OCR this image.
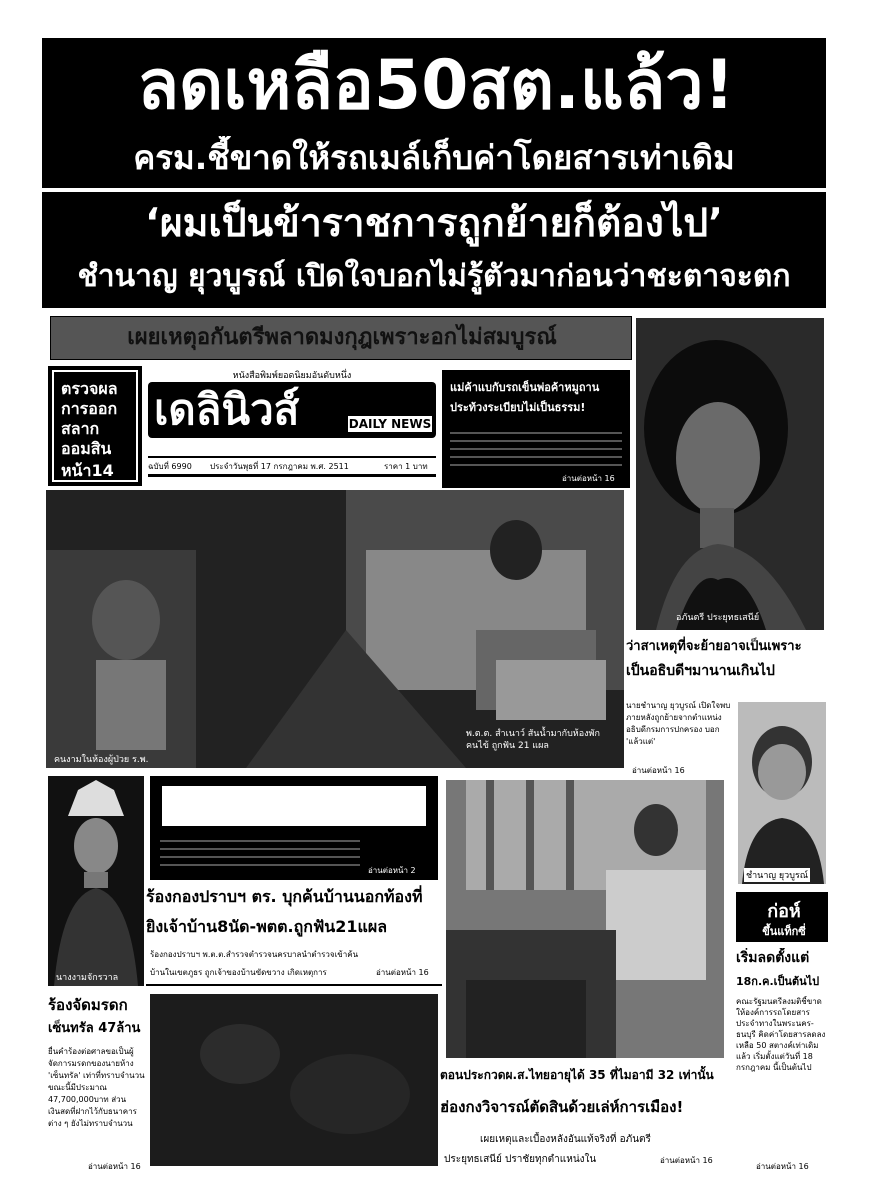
ลดเหลือ50สต.แล้ว!
ครม.ชี้ขาดให้รถเมล์เก็บค่าโดยสารเท่าเดิม
‘ผมเป็นข้าราชการถูกย้ายก็ต้องไป’
ชำนาญ ยุวบูรณ์ เปิดใจบอกไม่รู้ตัวมาก่อนว่าชะตาจะตก
เผยเหตุอกันตรีพลาดมงกุฎเพราะอกไม่สมบูรณ์
ตรวจผล
การออก
สลาก
ออมสิน
หน้า14
หนังสือพิมพ์ยอดนิยมอันดับหนึ่ง
เดลินิวส์	DAILY NEWS
ฉบับที่ 6990 ประจำวันพุธที่ 17 กรกฎาคม พ.ศ. 2511	ราคา 1 บาท
แม่ค้าแบกับรถเข็นพ่อค้าหมูถาน
ประท้วงระเบียบไม่เป็นธรรม!
อ่านต่อหน้า 16
อภันตรี ประยุทธเสนีย์
คนงามในห้องผู้ป่วย ร.พ.
พ.ต.ต. สำเนาว์ สันน้ำมากับห้องพักคนไข้ ถูกฟัน 21 แผล
ว่าสาเหตุที่จะย้ายอาจเป็นเพราะ
เป็นอธิบดีฯมานานเกินไป
นายชำนาญ ยุวบูรณ์ เปิดใจพบภายหลังถูกย้ายจากตำแหน่งอธิบดีกรมการปกครอง บอก 'แล้วแต่'
อ่านต่อหน้า 16
ชำนาญ ยุวบูรณ์
นางงามจักรวาล
แพทย์เผยเด็กเกิดใหม่แยกมีกระเพาะปัสสาวะแปลก
นับเป็นการผ่าตัดแรกตลอดรายแรกของโลก!
อ่านต่อหน้า 2
ร้องกองปราบฯ ตร. บุกค้นบ้านนอกท้องที่
ยิงเจ้าบ้าน8นัด-พตต.ถูกฟัน21แผล
ร้องกองปราบฯ พ.ต.ต.สำรวจตำรวจนครบาลนำตำรวจเข้าค้น
บ้านในเขตภูธร ถูกเจ้าของบ้านขัดขวาง เกิดเหตุการ	อ่านต่อหน้า 16
ร้องจัดมรดก
เซ็นทรัล 47ล้าน
ยื่นคำร้องต่อศาลขอเป็นผู้จัดการมรดกของนายห้าง 'เซ็นทรัล' เท่าที่ทราบจำนวนขณะนี้มีประมาณ 47,700,000บาท ส่วนเงินสดที่ฝากไว้กับธนาคารต่าง ๆ ยังไม่ทราบจำนวน
อ่านต่อหน้า 16
ตอนประกวดผ.ส.ไทยอายุได้ 35 ที่ไมอามี 32 เท่านั้น
ฮ่องกงวิจารณ์ตัดสินด้วยเล่ห์การเมือง!
เผยเหตุและเบื้องหลังอันแท้จริงที่ อภันตรี
ประยุทธเสนีย์ ปราชัยทุกตำแหน่งใน	อ่านต่อหน้า 16
ก่อห์
ขึ้นแท็กซี่
เริ่มลดตั้งแต่
18ก.ค.เป็นต้นไป
คณะรัฐมนตรีลงมติชี้ขาดให้องค์การรถโดยสารประจำทางในพระนคร-ธนบุรี คิดค่าโดยสารลดลงเหลือ 50 สตางค์เท่าเดิมแล้ว เริ่มตั้งแต่วันที่ 18 กรกฎาคม นี้เป็นต้นไป
อ่านต่อหน้า 16
